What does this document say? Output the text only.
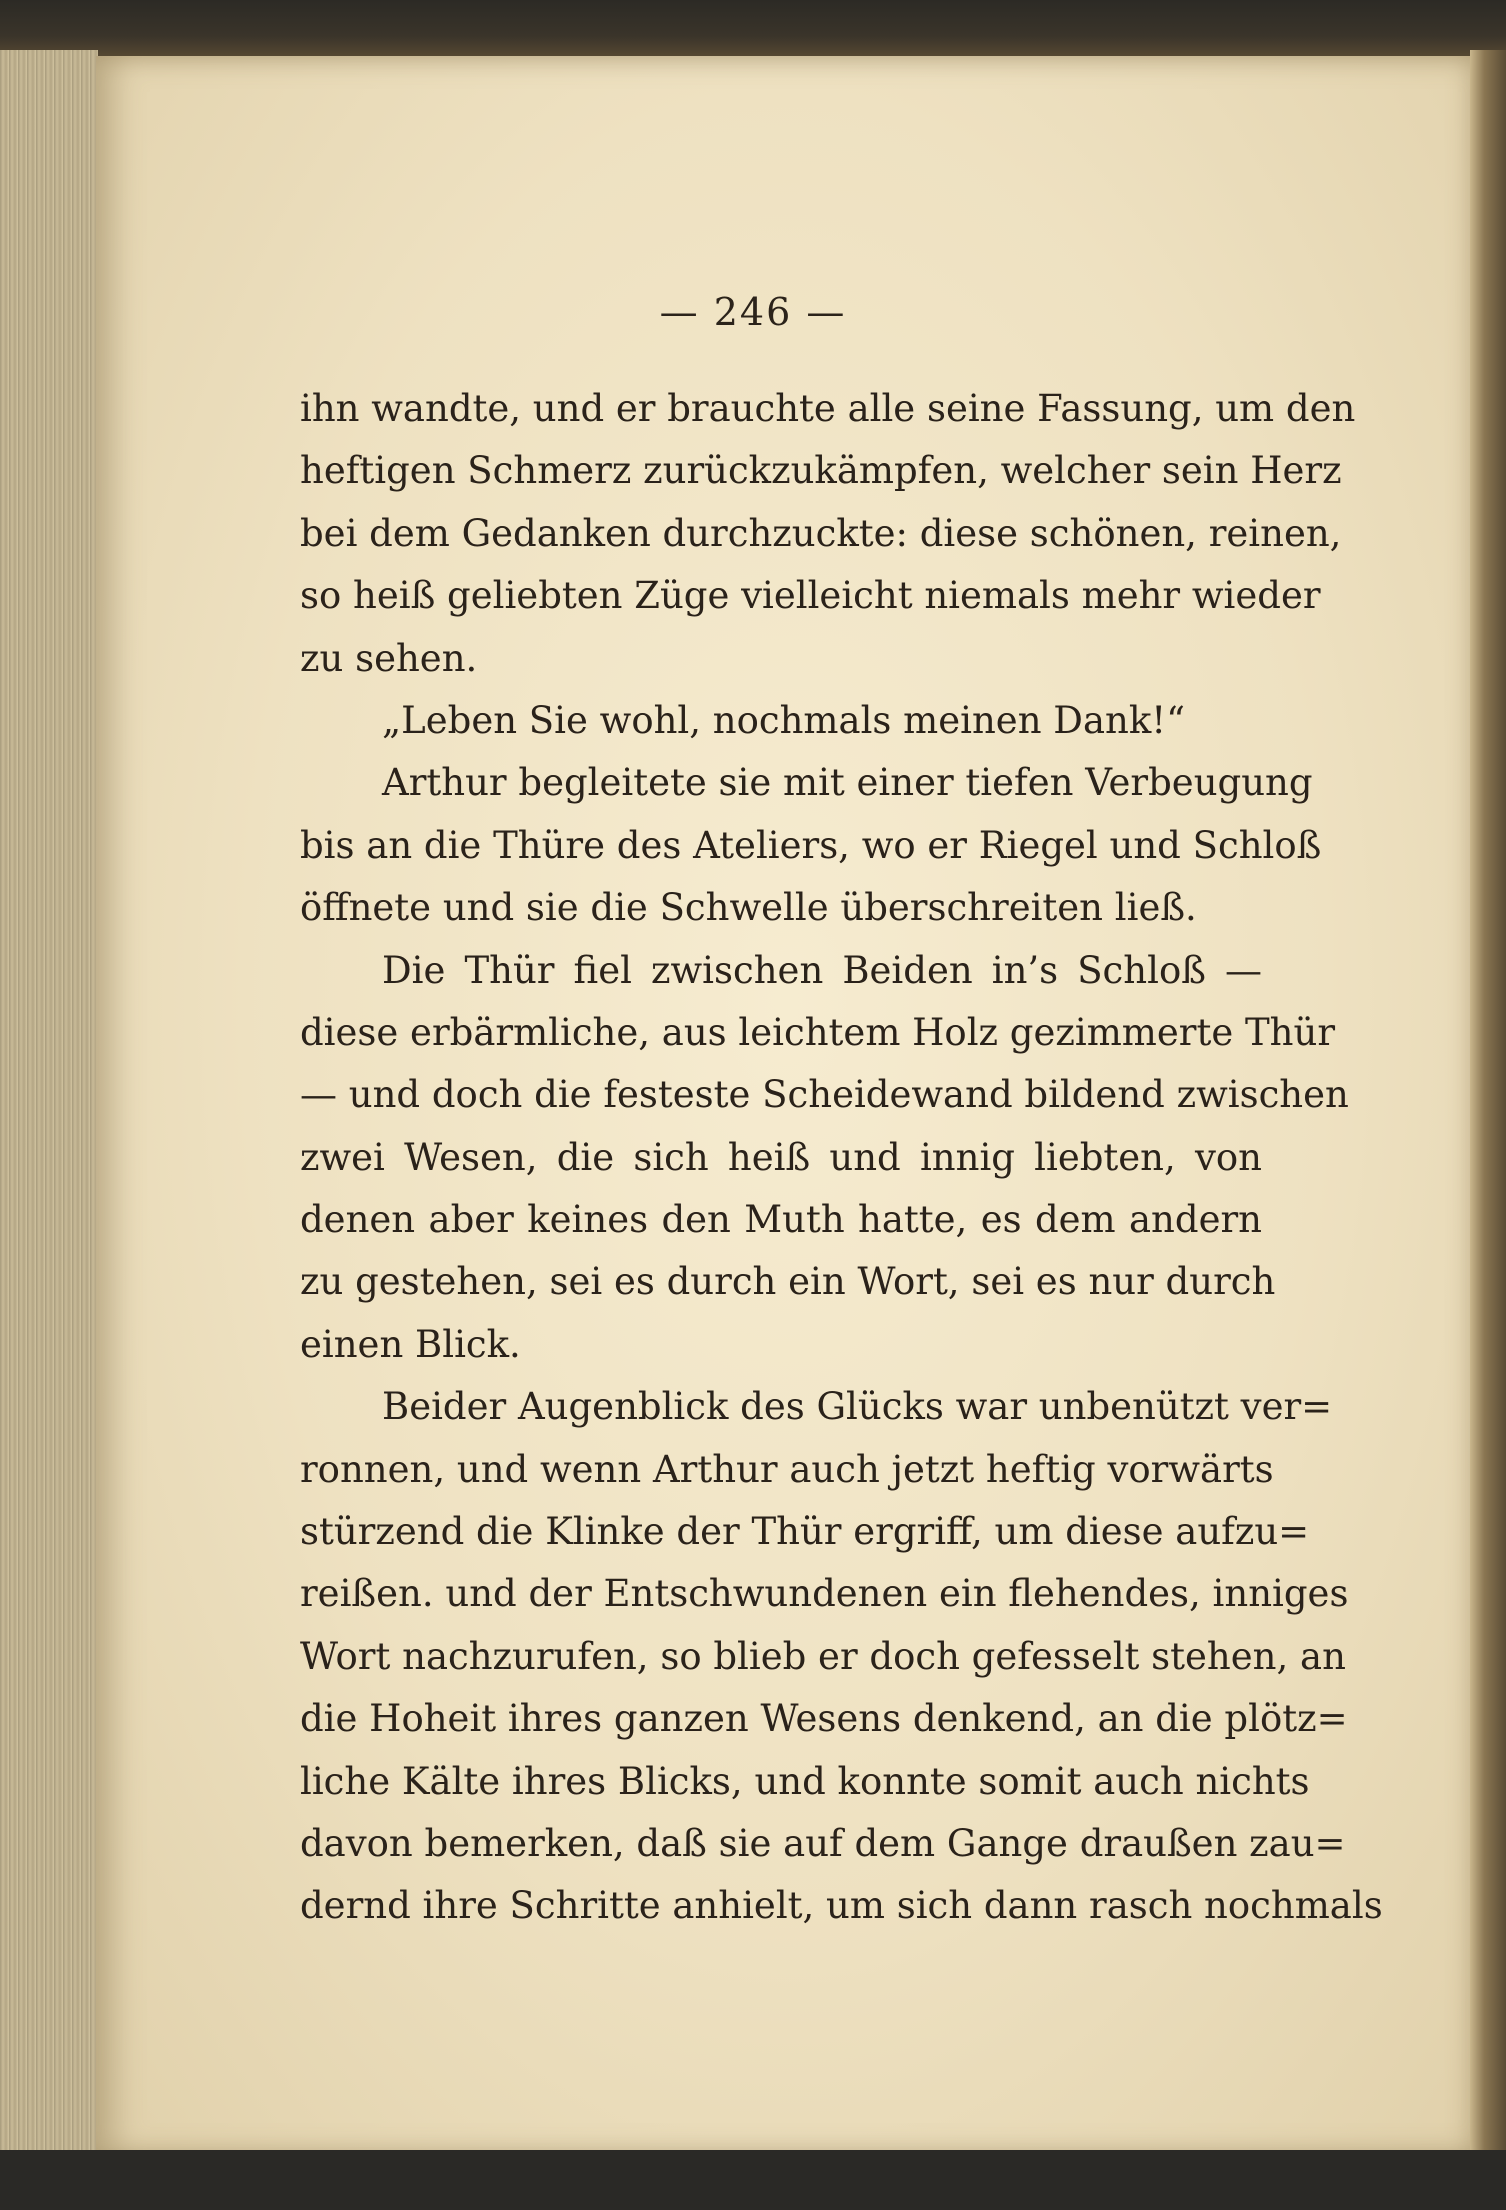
— 246 —
ihn wandte, und er brauchte alle seine Fassung, um den
heftigen Schmerz zurückzukämpfen, welcher sein Herz
bei dem Gedanken durchzuckte: diese schönen, reinen,
so heiß geliebten Züge vielleicht niemals mehr wieder
zu sehen.
„Leben Sie wohl, nochmals meinen Dank!“
Arthur begleitete sie mit einer tiefen Verbeugung
bis an die Thüre des Ateliers, wo er Riegel und Schloß
öffnete und sie die Schwelle überschreiten ließ.
Die Thür fiel zwischen Beiden in’s Schloß —
diese erbärmliche, aus leichtem Holz gezimmerte Thür
— und doch die festeste Scheidewand bildend zwischen
zwei Wesen, die sich heiß und innig liebten, von
denen aber keines den Muth hatte, es dem andern
zu gestehen, sei es durch ein Wort, sei es nur durch
einen Blick.
Beider Augenblick des Glücks war unbenützt ver=
ronnen, und wenn Arthur auch jetzt heftig vorwärts
stürzend die Klinke der Thür ergriff, um diese aufzu=
reißen. und der Entschwundenen ein flehendes, inniges
Wort nachzurufen, so blieb er doch gefesselt stehen, an
die Hoheit ihres ganzen Wesens denkend, an die plötz=
liche Kälte ihres Blicks, und konnte somit auch nichts
davon bemerken, daß sie auf dem Gange draußen zau=
dernd ihre Schritte anhielt, um sich dann rasch nochmals
